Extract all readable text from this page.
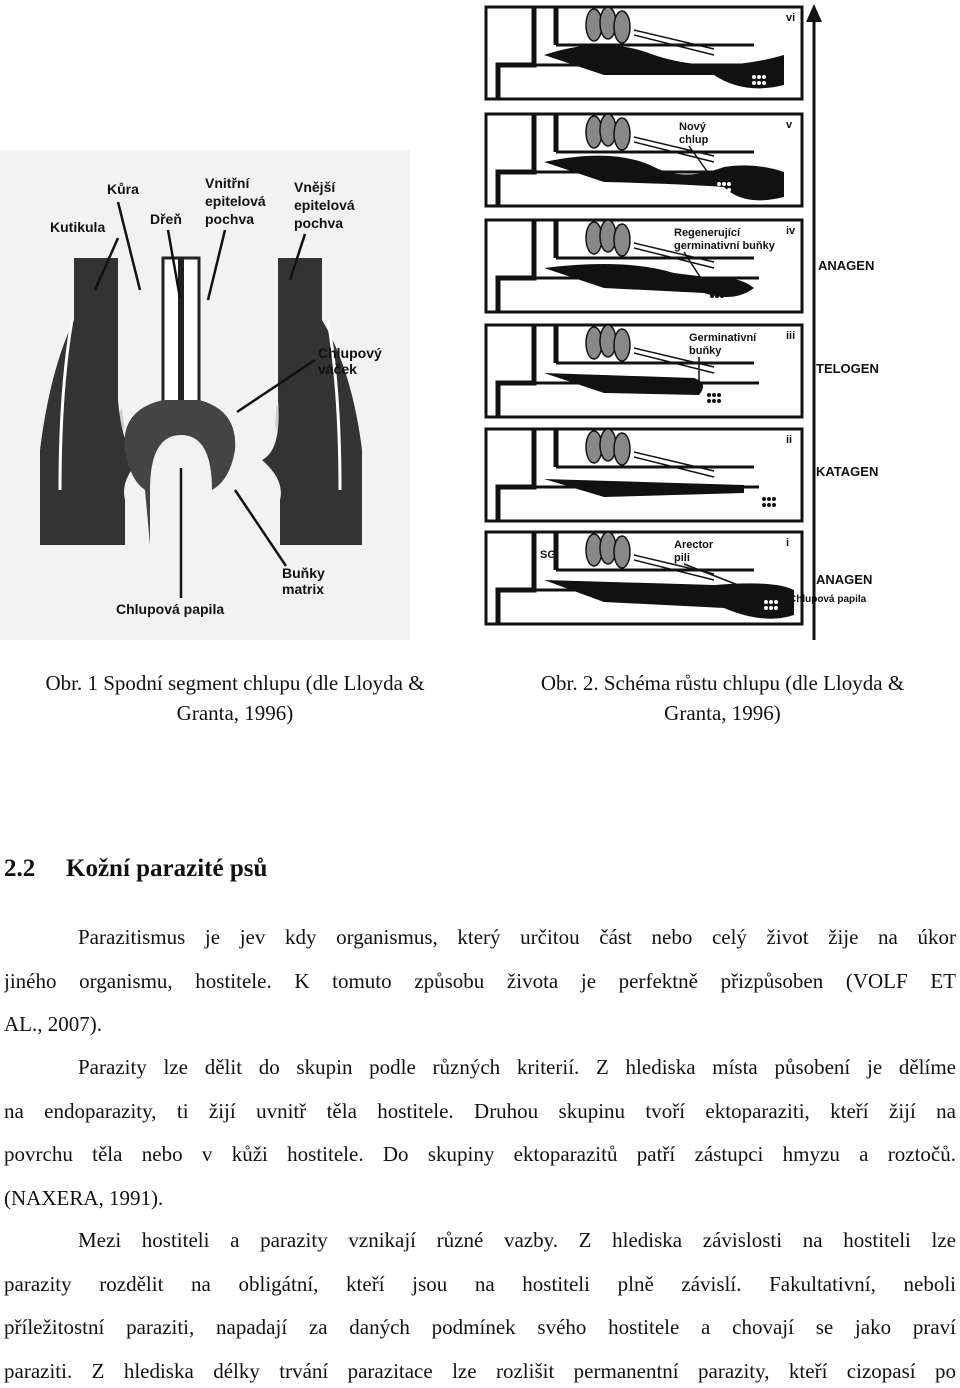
Kutikula
Kůra
Dřeň
Vnitřní
epitelová
pochva
Vnější
epitelová
pochva
Chlupový
váček
Buňky
matrix
Chlupová papila
vi
v
Nový
chlup
iv
Regenerující
germinativní buňky
iii
Germinativní
buňky
ii
i
Arector
pili
SG
Chlupová papila
ANAGEN
TELOGEN
KATAGEN
ANAGEN
Obr. 1 Spodní segment chlupu (dle Lloyda &
Granta, 1996)
Obr. 2. Schéma růstu chlupu (dle Lloyda &
Granta, 1996)
2.2 Kožní parazité psů
Parazitismus je jev kdy organismus, který určitou část nebo celý život žije na úkor
jiného organismu, hostitele. K tomuto způsobu života je perfektně přizpůsoben (VOLF ET
AL., 2007).
Parazity lze dělit do skupin podle různých kriterií. Z hlediska místa působení je dělíme
na endoparazity, ti žijí uvnitř těla hostitele. Druhou skupinu tvoří ektoparaziti, kteří žijí na
povrchu těla nebo v kůži hostitele. Do skupiny ektoparazitů patří zástupci hmyzu a roztočů.
(NAXERA, 1991).
Mezi hostiteli a parazity vznikají různé vazby. Z hlediska závislosti na hostiteli lze
parazity rozdělit na obligátní, kteří jsou na hostiteli plně závislí. Fakultativní, neboli
příležitostní paraziti, napadají za daných podmínek svého hostitele a chovají se jako praví
paraziti. Z hlediska délky trvání parazitace lze rozlišit permanentní parazity, kteří cizopasí po
